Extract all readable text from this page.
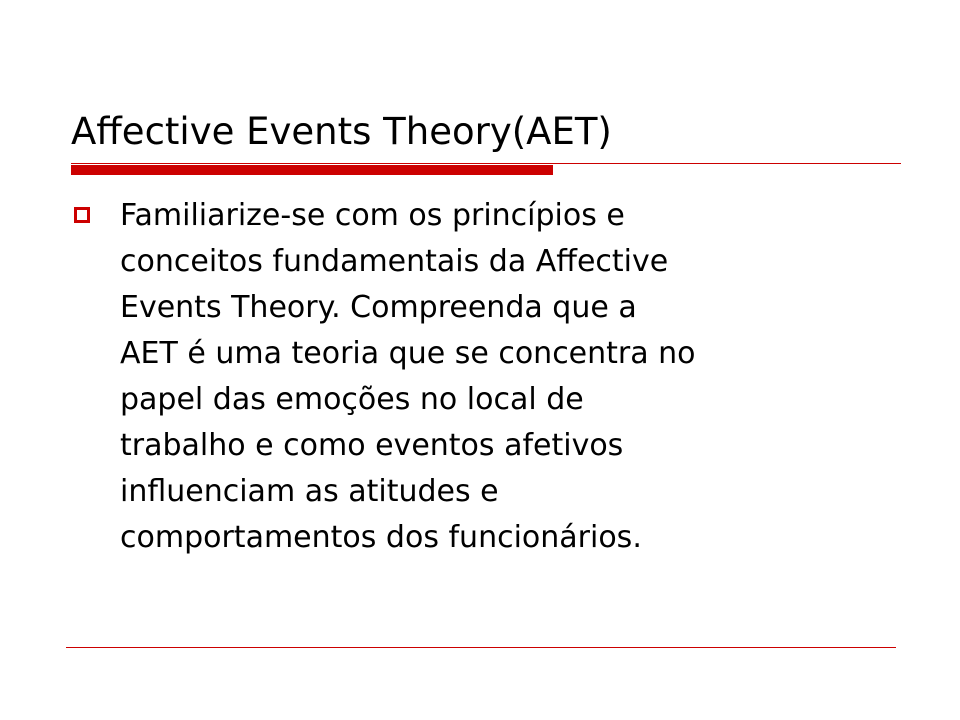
Affective Events Theory(AET)

Familiarize-se com os princípios e
conceitos fundamentais da Affective
Events Theory. Compreenda que a
AET é uma teoria que se concentra no
papel das emoções no local de
trabalho e como eventos afetivos
influenciam as atitudes e
comportamentos dos funcionários.
